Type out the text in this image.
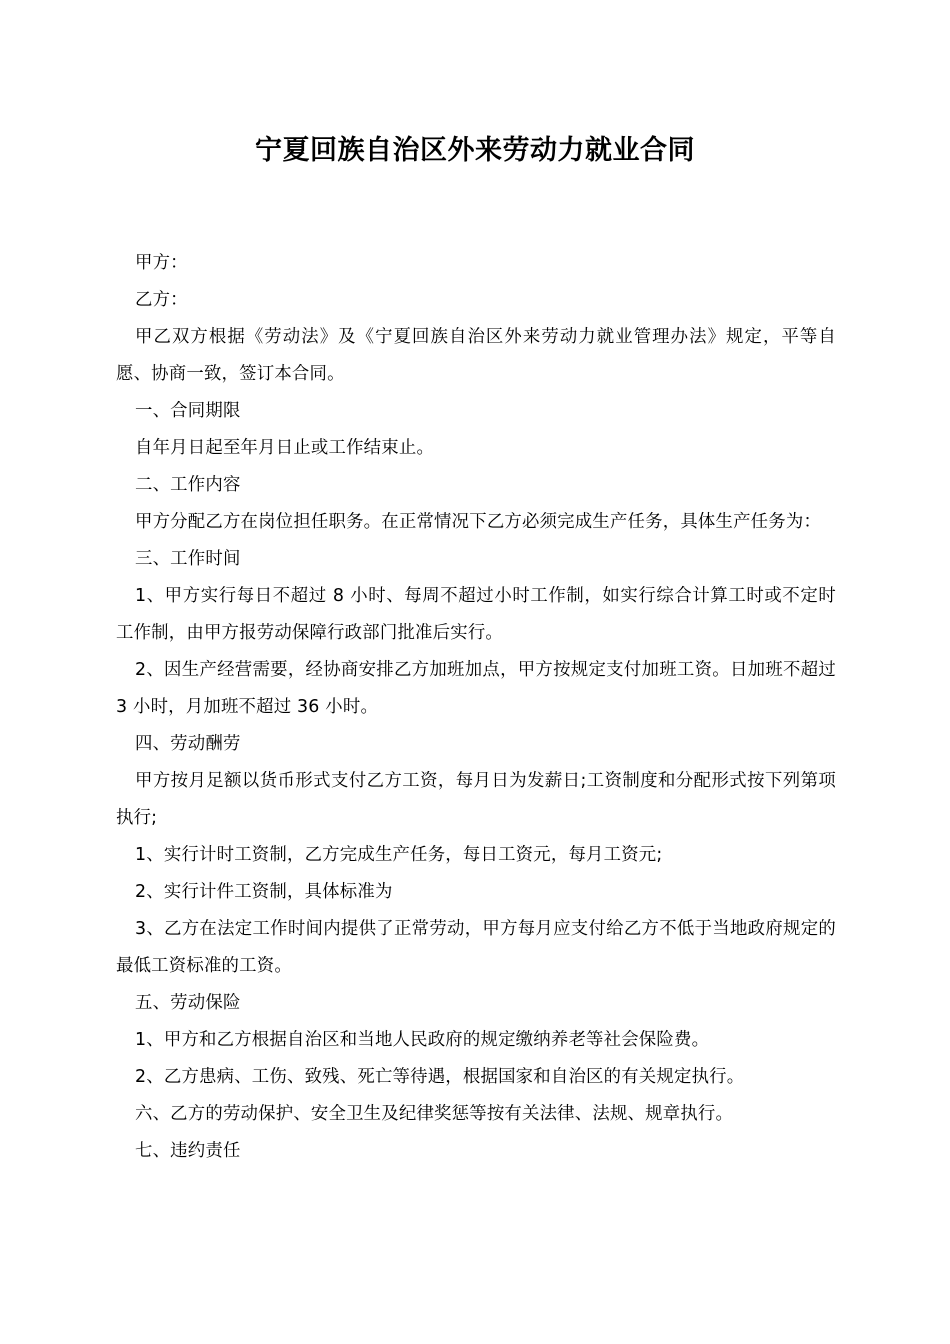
宁夏回族自治区外来劳动力就业合同

甲方：

乙方：

甲乙双方根据《劳动法》及《宁夏回族自治区外来劳动力就业管理办法》规定，平等自愿、协商一致，签订本合同。

一、合同期限

自年月日起至年月日止或工作结束止。

二、工作内容

甲方分配乙方在岗位担任职务。在正常情况下乙方必须完成生产任务，具体生产任务为：

三、工作时间

1、甲方实行每日不超过 8 小时、每周不超过小时工作制，如实行综合计算工时或不定时工作制，由甲方报劳动保障行政部门批准后实行。

2、因生产经营需要，经协商安排乙方加班加点，甲方按规定支付加班工资。日加班不超过 3 小时，月加班不超过 36 小时。

四、劳动酬劳

甲方按月足额以货币形式支付乙方工资，每月日为发薪日;工资制度和分配形式按下列第项执行;

1、实行计时工资制，乙方完成生产任务，每日工资元，每月工资元;

2、实行计件工资制，具体标准为

3、乙方在法定工作时间内提供了正常劳动，甲方每月应支付给乙方不低于当地政府规定的最低工资标准的工资。

五、劳动保险

1、甲方和乙方根据自治区和当地人民政府的规定缴纳养老等社会保险费。

2、乙方患病、工伤、致残、死亡等待遇，根据国家和自治区的有关规定执行。

六、乙方的劳动保护、安全卫生及纪律奖惩等按有关法律、法规、规章执行。

七、违约责任
